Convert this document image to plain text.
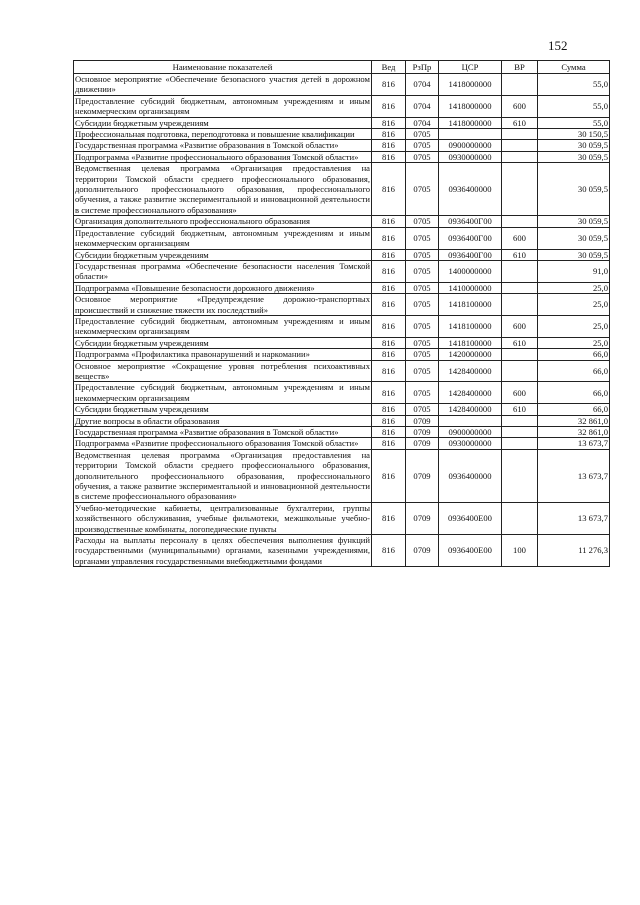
152
Наименование показателей	Вед	РзПр	ЦСР	ВР	Сумма
Основное мероприятие «Обеспечение безопасного участия детей в дорожном движении»	816	0704	1418000000		55,0
Предоставление субсидий бюджетным, автономным учреждениям и иным некоммерческим организациям	816	0704	1418000000	600	55,0
Субсидии бюджетным учреждениям	816	0704	1418000000	610	55,0
Профессиональная подготовка, переподготовка и повышение квалификации	816	0705			30 150,5
Государственная программа «Развитие образования в Томской области»	816	0705	0900000000		30 059,5
Подпрограмма «Развитие профессионального образования Томской области»	816	0705	0930000000		30 059,5
Ведомственная целевая программа «Организация предоставления на территории Томской области среднего профессионального образования, дополнительного профессионального образования, профессионального обучения, а также развитие экспериментальной и инновационной деятельности в системе профессионального образования»	816	0705	0936400000		30 059,5
Организация дополнительного профессионального образования	816	0705	0936400Г00		30 059,5
Предоставление субсидий бюджетным, автономным учреждениям и иным некоммерческим организациям	816	0705	0936400Г00	600	30 059,5
Субсидии бюджетным учреждениям	816	0705	0936400Г00	610	30 059,5
Государственная программа «Обеспечение безопасности населения Томской области»	816	0705	1400000000		91,0
Подпрограмма «Повышение безопасности дорожного движения»	816	0705	1410000000		25,0
Основное мероприятие «Предупреждение дорожно-транспортных происшествий и снижение тяжести их последствий»	816	0705	1418100000		25,0
Предоставление субсидий бюджетным, автономным учреждениям и иным некоммерческим организациям	816	0705	1418100000	600	25,0
Субсидии бюджетным учреждениям	816	0705	1418100000	610	25,0
Подпрограмма «Профилактика правонарушений и наркомании»	816	0705	1420000000		66,0
Основное мероприятие «Сокращение уровня потребления психоактивных веществ»	816	0705	1428400000		66,0
Предоставление субсидий бюджетным, автономным учреждениям и иным некоммерческим организациям	816	0705	1428400000	600	66,0
Субсидии бюджетным учреждениям	816	0705	1428400000	610	66,0
Другие вопросы в области образования	816	0709			32 861,0
Государственная программа «Развитие образования в Томской области»	816	0709	0900000000		32 861,0
Подпрограмма «Развитие профессионального образования Томской области»	816	0709	0930000000		13 673,7
Ведомственная целевая программа «Организация предоставления на территории Томской области среднего профессионального образования, дополнительного профессионального образования, профессионального обучения, а также развитие экспериментальной и инновационной деятельности в системе профессионального образования»	816	0709	0936400000		13 673,7
Учебно-методические кабинеты, централизованные бухгалтерии, группы хозяйственного обслуживания, учебные фильмотеки, межшкольные учебно-производственные комбинаты, логопедические пункты	816	0709	0936400Е00		13 673,7
Расходы на выплаты персоналу в целях обеспечения выполнения функций государственными (муниципальными) органами, казенными учреждениями, органами управления государственными внебюджетными фондами	816	0709	0936400Е00	100	11 276,3
